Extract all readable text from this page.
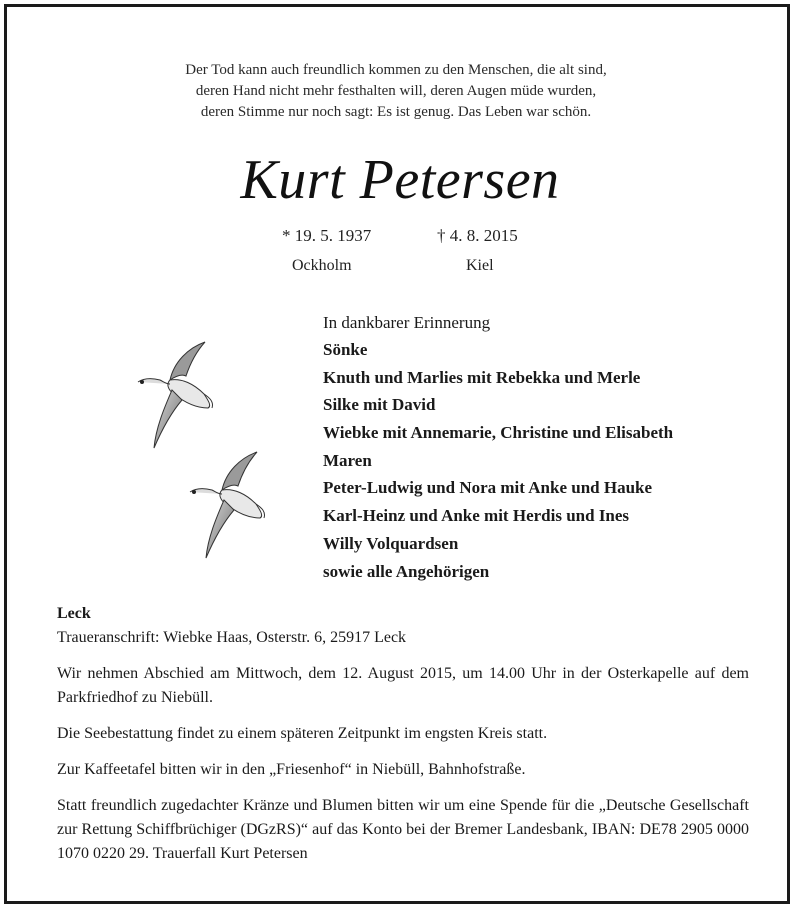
Der Tod kann auch freundlich kommen zu den Menschen, die alt sind,
deren Hand nicht mehr festhalten will, deren Augen müde wurden,
deren Stimme nur noch sagt: Es ist genug. Das Leben war schön.
Kurt Petersen
* 19. 5. 1937	† 4. 8. 2015
Ockholm	Kiel
In dankbarer Erinnerung
Sönke
Knuth und Marlies mit Rebekka und Merle
Silke mit David
Wiebke mit Annemarie, Christine und Elisabeth
Maren
Peter-Ludwig und Nora mit Anke und Hauke
Karl-Heinz und Anke mit Herdis und Ines
Willy Volquardsen
sowie alle Angehörigen
Leck

Traueranschrift: Wiebke Haas, Osterstr. 6, 25917 Leck

Wir nehmen Abschied am Mittwoch, dem 12. August 2015, um 14.00 Uhr in der Osterkapelle auf dem Parkfriedhof zu Niebüll.

Die Seebestattung findet zu einem späteren Zeitpunkt im engsten Kreis statt.

Zur Kaffeetafel bitten wir in den „Friesenhof“ in Niebüll, Bahnhofstraße.

Statt freundlich zugedachter Kränze und Blumen bitten wir um eine Spende für die „Deutsche Gesellschaft zur Rettung Schiffbrüchiger (DGzRS)“ auf das Konto bei der Bremer Landesbank, IBAN: DE78 2905 0000 1070 0220 29. Trauerfall Kurt Petersen
